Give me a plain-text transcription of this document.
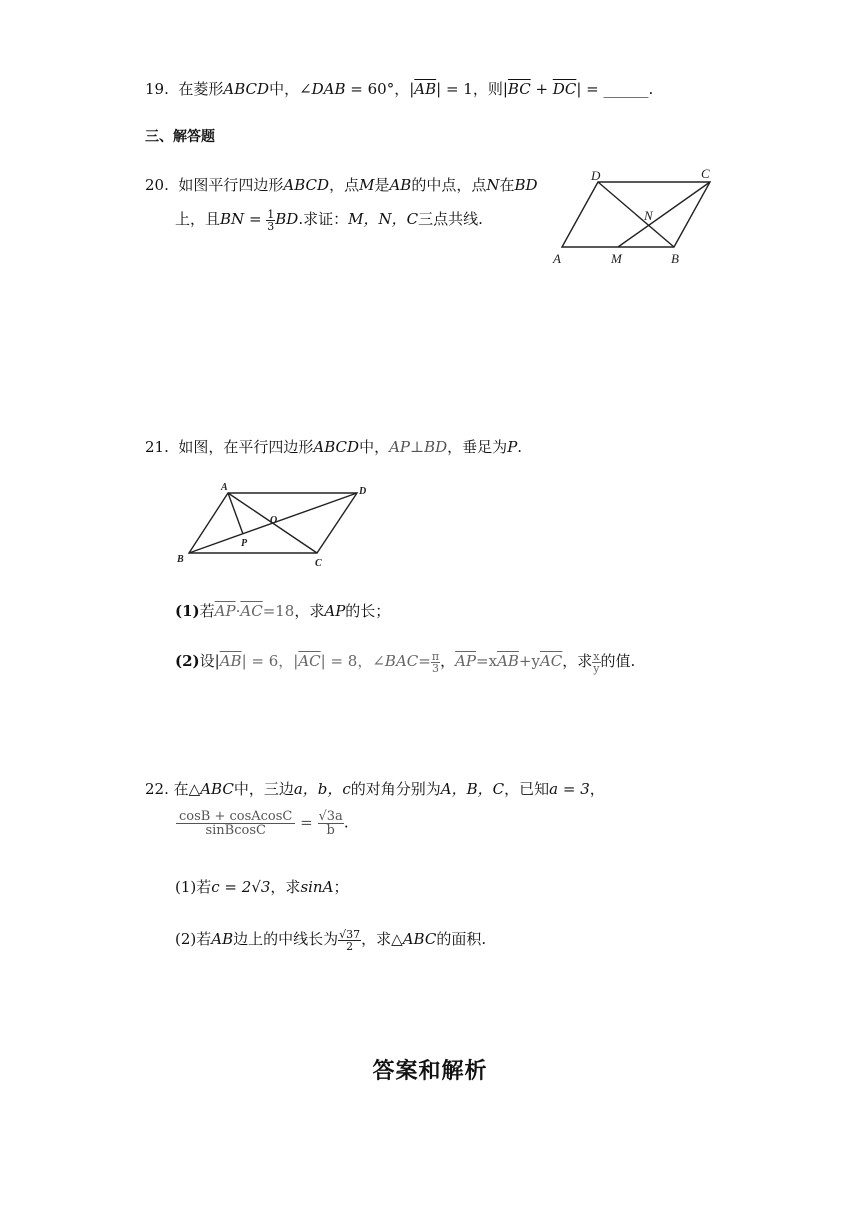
19. 在菱形ABCD中，∠DAB = 60°，$|\overline{AB}| = 1$，则$|\overline{BC} + \overline{DC}|$ = ______.
三、解答题
20. 如图平行四边形ABCD，点M是AB的中点，点N在BD
上，且BN = $\frac{1}{3}$ BD.求证：M，N，C三点共线.
A	B
C
D
M
N
21. 如图，在平行四边形ABCD中，AP⊥BD，垂足为P.
A
B	C
D
O
P
(1)若$\overline{AP}\cdot\overline{AC}=18$，求AP的长；
(2)设$|\overline{AB}| = 6$，$|\overline{AC}| = 8$，∠BAC= $\frac{\pi}{3}$ ，$\overline{AP}=x\overline{AB}+y\overline{AC}$，求 $\frac{x}{y}$ 的值.
22. 在△ABC中，三边a，b，c的对角分别为A，B，C，已知a = 3，
$\frac{\text{cosB + cosAcosC}}{\text{sinBcosC}} = \frac{√3a}{b}$ .
(1)若c = 2√3，求sinA；
(2)若AB边上的中线长为 $\frac{√37}{2}$ ，求△ABC的面积.
答案和解析
